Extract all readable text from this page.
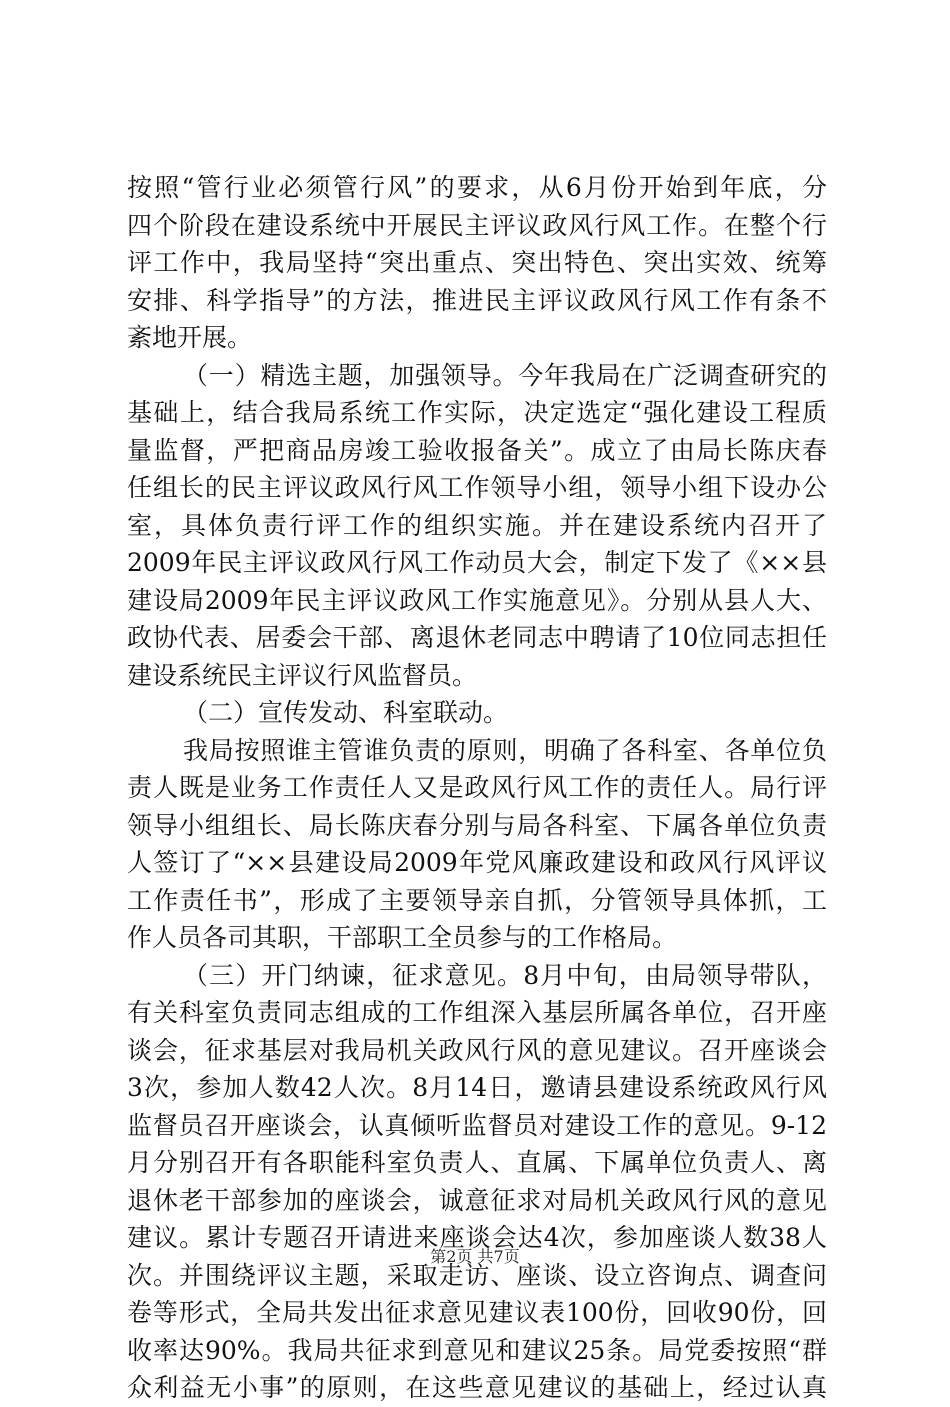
按照“管行业必须管行风”的要求，从6月份开始到年底，分
四个阶段在建设系统中开展民主评议政风行风工作。在整个行
评工作中，我局坚持“突出重点、突出特色、突出实效、统筹
安排、科学指导”的方法，推进民主评议政风行风工作有条不
紊地开展。
（一）精选主题，加强领导。今年我局在广泛调查研究的
基础上，结合我局系统工作实际，决定选定“强化建设工程质
量监督，严把商品房竣工验收报备关”。成立了由局长陈庆春
任组长的民主评议政风行风工作领导小组，领导小组下设办公
室，具体负责行评工作的组织实施。并在建设系统内召开了
2009年民主评议政风行风工作动员大会，制定下发了《××县
建设局2009年民主评议政风工作实施意见》。分别从县人大、
政协代表、居委会干部、离退休老同志中聘请了10位同志担任
建设系统民主评议行风监督员。
（二）宣传发动、科室联动。
我局按照谁主管谁负责的原则，明确了各科室、各单位负
责人既是业务工作责任人又是政风行风工作的责任人。局行评
领导小组组长、局长陈庆春分别与局各科室、下属各单位负责
人签订了“××县建设局2009年党风廉政建设和政风行风评议
工作责任书”，形成了主要领导亲自抓，分管领导具体抓，工
作人员各司其职，干部职工全员参与的工作格局。
（三）开门纳谏，征求意见。8月中旬，由局领导带队，
有关科室负责同志组成的工作组深入基层所属各单位，召开座
谈会，征求基层对我局机关政风行风的意见建议。召开座谈会
3次，参加人数42人次。8月14日，邀请县建设系统政风行风
监督员召开座谈会，认真倾听监督员对建设工作的意见。9-12
月分别召开有各职能科室负责人、直属、下属单位负责人、离
退休老干部参加的座谈会，诚意征求对局机关政风行风的意见
建议。累计专题召开请进来座谈会达4次，参加座谈人数38人
次。并围绕评议主题，采取走访、座谈、设立咨询点、调查问
卷等形式，全局共发出征求意见建议表100份，回收90份，回
收率达90%。我局共征求到意见和建议25条。局党委按照“群
众利益无小事”的原则，在这些意见建议的基础上，经过认真
第2页 共7页
